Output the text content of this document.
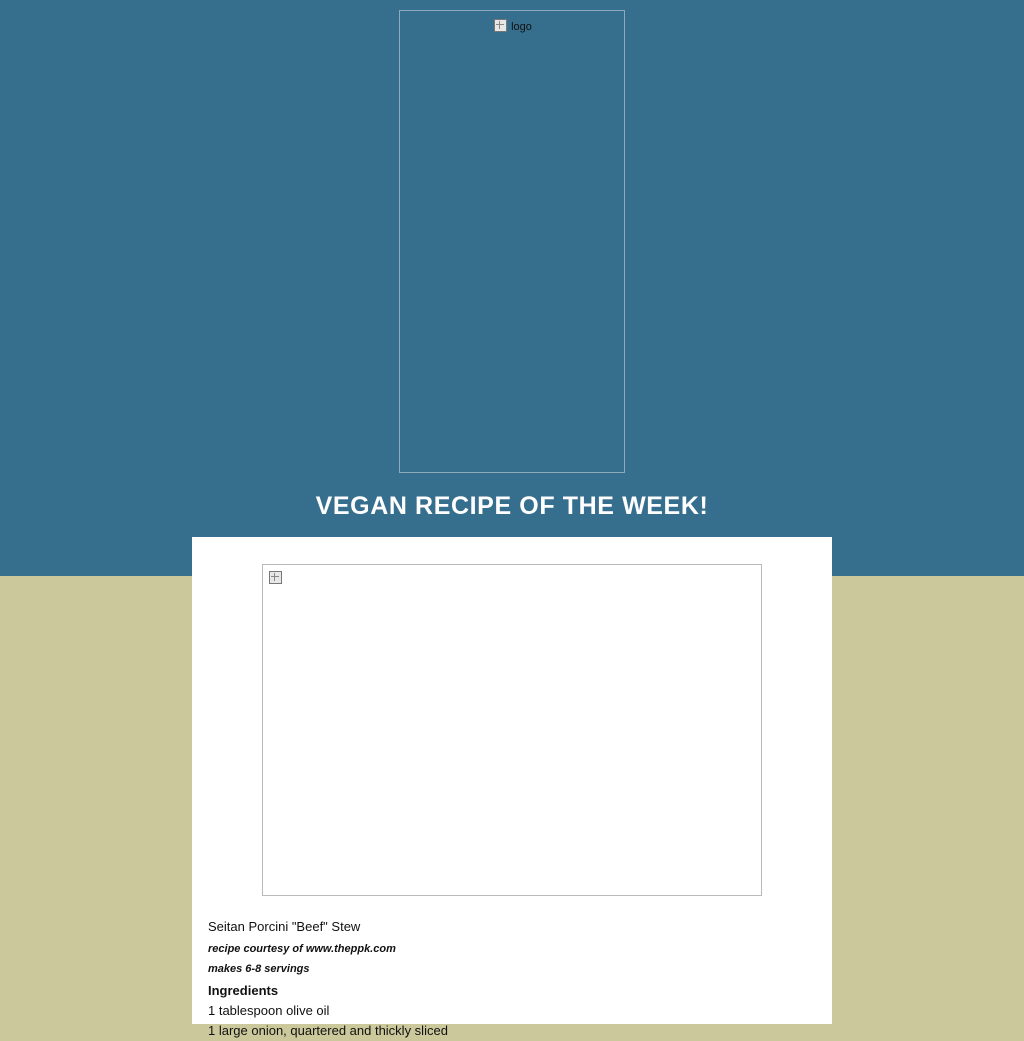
logo
VEGAN RECIPE OF THE WEEK!

Seitan Porcini "Beef" Stew

recipe courtesy of www.theppk.com

makes 6-8 servings

Ingredients

1 tablespoon olive oil

1 large onion, quartered and thickly sliced
